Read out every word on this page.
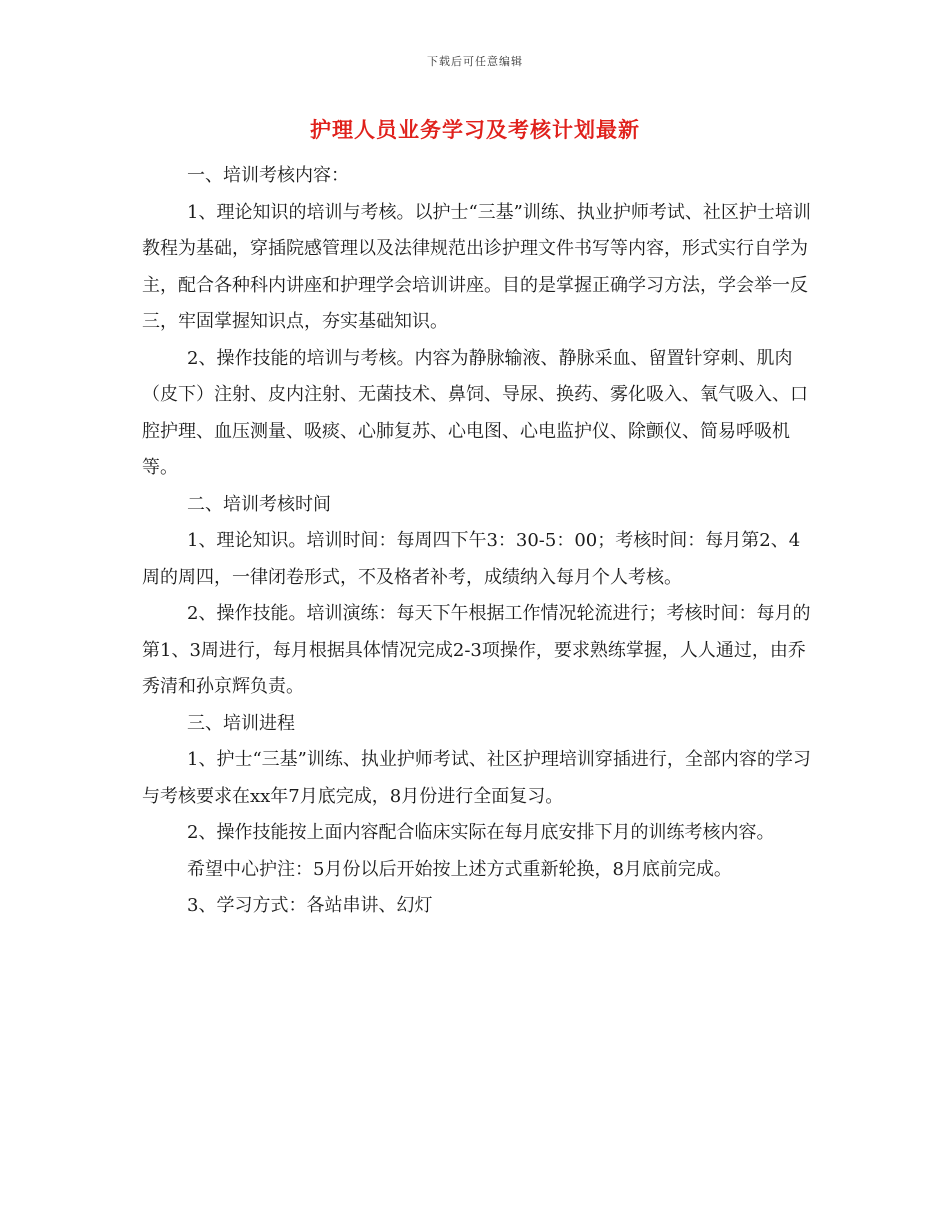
下载后可任意编辑
护理人员业务学习及考核计划最新

一、培训考核内容：

1、理论知识的培训与考核。以护士“三基”训练、执业护师考试、社区护士培训教程为基础，穿插院感管理以及法律规范出诊护理文件书写等内容，形式实行自学为主，配合各种科内讲座和护理学会培训讲座。目的是掌握正确学习方法，学会举一反三，牢固掌握知识点，夯实基础知识。

2、操作技能的培训与考核。内容为静脉输液、静脉采血、留置针穿刺、肌肉（皮下）注射、皮内注射、无菌技术、鼻饲、导尿、换药、雾化吸入、氧气吸入、口腔护理、血压测量、吸痰、心肺复苏、心电图、心电监护仪、除颤仪、简易呼吸机等。

二、培训考核时间

1、理论知识。培训时间：每周四下午3：30-5：00；考核时间：每月第2、4周的周四，一律闭卷形式，不及格者补考，成绩纳入每月个人考核。

2、操作技能。培训演练：每天下午根据工作情况轮流进行；考核时间：每月的第1、3周进行，每月根据具体情况完成2-3项操作，要求熟练掌握，人人通过，由乔秀清和孙京辉负责。

三、培训进程

1、护士“三基”训练、执业护师考试、社区护理培训穿插进行，全部内容的学习与考核要求在xx年7月底完成，8月份进行全面复习。

2、操作技能按上面内容配合临床实际在每月底安排下月的训练考核内容。

希望中心护注：5月份以后开始按上述方式重新轮换，8月底前完成。

3、学习方式：各站串讲、幻灯
